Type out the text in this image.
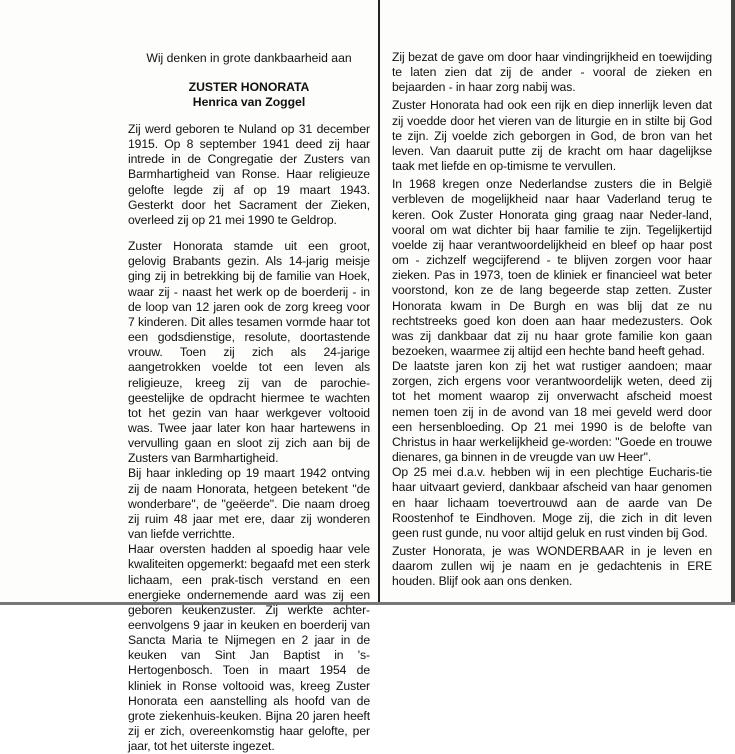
Wij denken in grote dankbaarheid aan
ZUSTER HONORATA
Henrica van Zoggel

Zij werd geboren te Nuland op 31 december 1915. Op 8 september 1941 deed zij haar intrede in de Congregatie der Zusters van Barmhartigheid van Ronse. Haar religieuze gelofte legde zij af op 19 maart 1943. Gesterkt door het Sacrament der Zieken, overleed zij op 21 mei 1990 te Geldrop.

Zuster Honorata stamde uit een groot, gelovig Brabants gezin. Als 14-jarig meisje ging zij in betrekking bij de familie van Hoek, waar zij - naast het werk op de boerderij - in de loop van 12 jaren ook de zorg kreeg voor 7 kinderen. Dit alles tesamen vormde haar tot een godsdienstige, resolute, doortastende vrouw. Toen zij zich als 24-jarige aangetrokken voelde tot een leven als religieuze, kreeg zij van de parochie-geestelijke de opdracht hiermee te wachten tot het gezin van haar werkgever voltooid was. Twee jaar later kon haar hartewens in vervulling gaan en sloot zij zich aan bij de Zusters van Barmhartigheid.

Bij haar inkleding op 19 maart 1942 ontving zij de naam Honorata, hetgeen betekent "de wonderbare", de "geëerde". Die naam droeg zij ruim 48 jaar met ere, daar zij wonderen van liefde verrichtte.

Haar oversten hadden al spoedig haar vele kwaliteiten opgemerkt: begaafd met een sterk lichaam, een prak-tisch verstand en een energieke ondernemende aard was zij een geboren keukenzuster. Zij werkte achter-eenvolgens 9 jaar in keuken en boerderij van Sancta Maria te Nijmegen en 2 jaar in de keuken van Sint Jan Baptist in 's-Hertogenbosch. Toen in maart 1954 de kliniek in Ronse voltooid was, kreeg Zuster Honorata een aanstelling als hoofd van de grote ziekenhuis-keuken. Bijna 20 jaren heeft zij er zich, overeenkomstig haar gelofte, per jaar, tot het uiterste ingezet.

Zij bezat de gave om door haar vindingrijkheid en toewijding te laten zien dat zij de ander - vooral de zieken en bejaarden - in haar zorg nabij was.

Zuster Honorata had ook een rijk en diep innerlijk leven dat zij voedde door het vieren van de liturgie en in stilte bij God te zijn. Zij voelde zich geborgen in God, de bron van het leven. Van daaruit putte zij de kracht om haar dagelijkse taak met liefde en op-timisme te vervullen.

In 1968 kregen onze Nederlandse zusters die in België verbleven de mogelijkheid naar haar Vaderland terug te keren. Ook Zuster Honorata ging graag naar Neder-land, vooral om wat dichter bij haar familie te zijn. Tegelijkertijd voelde zij haar verantwoordelijkheid en bleef op haar post om - zichzelf wegcijferend - te blijven zorgen voor haar zieken. Pas in 1973, toen de kliniek er financieel wat beter voorstond, kon ze de lang begeerde stap zetten. Zuster Honorata kwam in De Burgh en was blij dat ze nu rechtstreeks goed kon doen aan haar medezusters. Ook was zij dankbaar dat zij nu haar grote familie kon gaan bezoeken, waarmee zij altijd een hechte band heeft gehad.

De laatste jaren kon zij het wat rustiger aandoen; maar zorgen, zich ergens voor verantwoordelijk weten, deed zij tot het moment waarop zij onverwacht afscheid moest nemen toen zij in de avond van 18 mei geveld werd door een hersenbloeding. Op 21 mei 1990 is de belofte van Christus in haar werkelijkheid ge-worden: "Goede en trouwe dienares, ga binnen in de vreugde van uw Heer".

Op 25 mei d.a.v. hebben wij in een plechtige Eucharis-tie haar uitvaart gevierd, dankbaar afscheid van haar genomen en haar lichaam toevertrouwd aan de aarde van De Roostenhof te Eindhoven. Moge zij, die zich in dit leven geen rust gunde, nu voor altijd geluk en rust vinden bij God.

Zuster Honorata, je was WONDERBAAR in je leven en daarom zullen wij je naam en je gedachtenis in ERE houden. Blijf ook aan ons denken.
